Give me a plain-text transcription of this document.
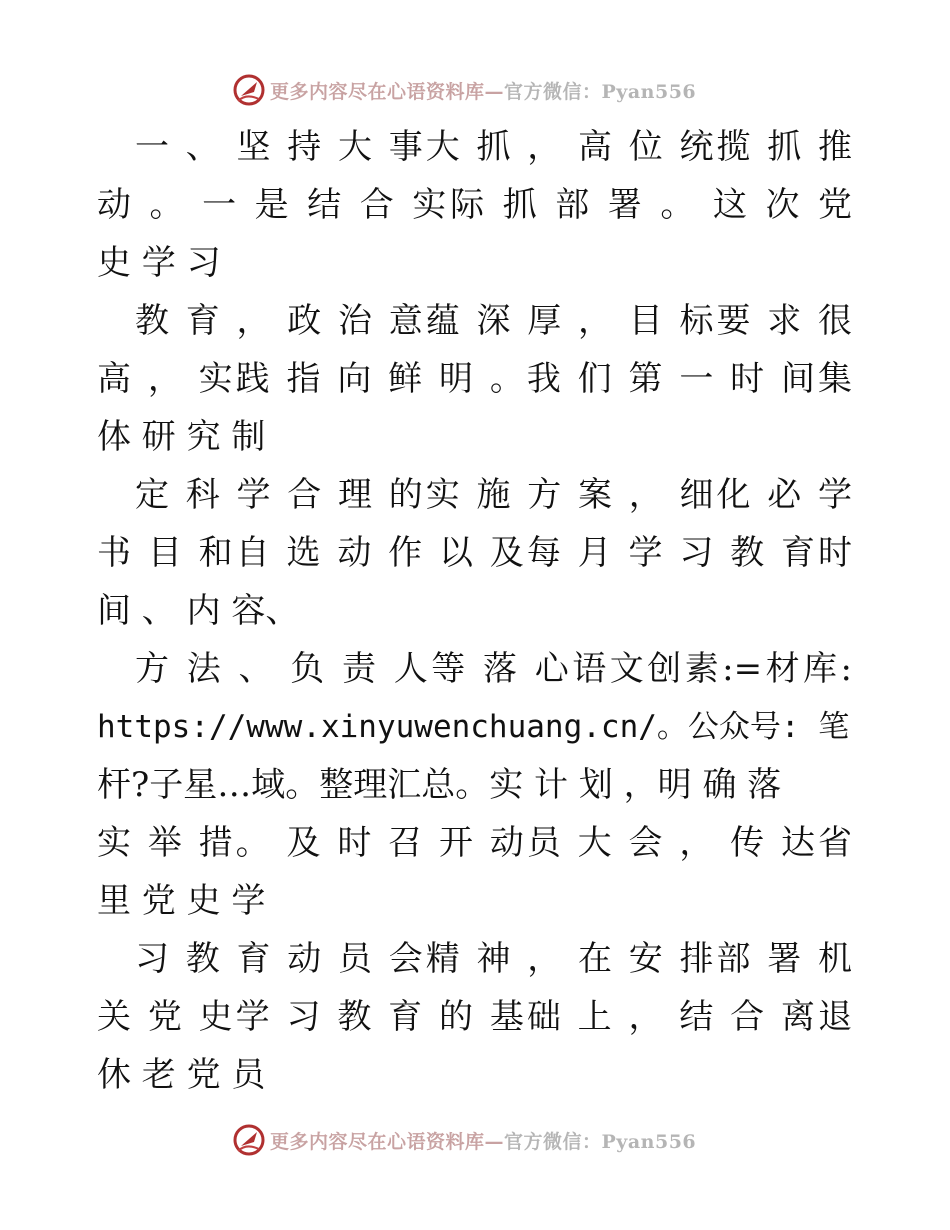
更多内容尽在心语资料库—官方微信：Pyan556
一 、 坚 持 大 事大 抓 ， 高 位 统揽 抓 推
动 。 一 是 结 合 实际 抓 部 署 。 这 次 党
史 学 习
教 育 ， 政 治 意蕴 深 厚 ， 目 标要 求 很
高 ， 实践 指 向 鲜 明 。我 们 第 一 时 间集
体 研 究 制
定 科 学 合 理 的实 施 方 案 ， 细化 必 学
书 目 和自 选 动 作 以 及每 月 学 习 教 育时
间 、 内 容、
方 法 、 负 责 人等 落 心语文创素:=材库:
https://www.xinyuwenchuang.cn/。公众号: 笔
杆?子星…域。整理汇总。实 计 划 ，明 确 落
实 举 措。 及 时 召 开 动员 大 会 ， 传 达省
里 党 史 学
习 教 育 动 员 会精 神 ， 在 安 排部 署 机
关 党 史学 习 教 育 的 基础 上 ， 结 合 离退
休 老 党 员
更多内容尽在心语资料库—官方微信：Pyan556
